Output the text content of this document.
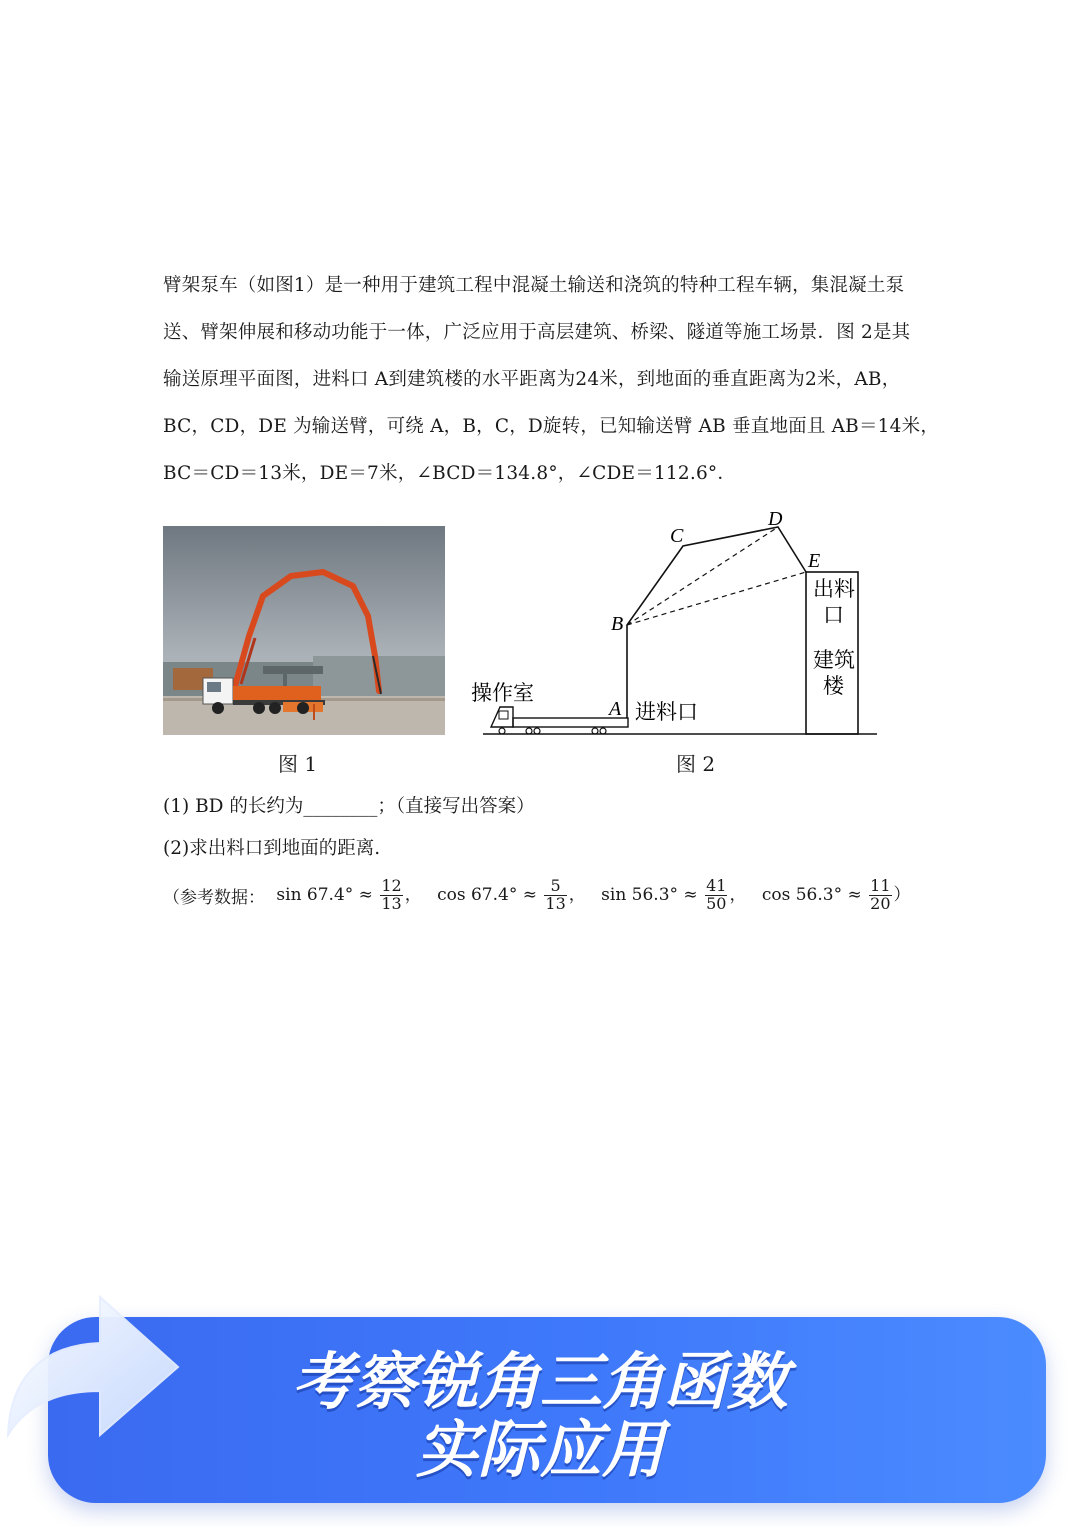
臂架泵车（如图1）是一种用于建筑工程中混凝土输送和浇筑的特种工程车辆，集混凝土泵

送、臂架伸展和移动功能于一体，广泛应用于高层建筑、桥梁、隧道等施工场景．图 2是其

输送原理平面图，进料口 A到建筑楼的水平距离为24米，到地面的垂直距离为2米，AB，

BC，CD，DE 为输送臂，可绕 A，B，C，D旋转，已知输送臂 AB 垂直地面且 AB＝14米，

BC＝CD＝13米，DE＝7米，∠BCD＝134.8°，∠CDE＝112.6°．

图 1
A
B
C
D
E
操作室
进料口
出料
口
建筑
楼
图 2
(1) BD 的长约为________；（直接写出答案）
(2)求出料口到地面的距离.
（参考数据： $\sin 67.4^\circ \approx \frac{12}{13}$ ， $\cos 67.4^\circ \approx \frac{5}{13}$ ， $\sin 56.3^\circ \approx \frac{41}{50}$ ， $\cos 56.3^\circ \approx \frac{11}{20}$ ）
考察锐角三角函数
实际应用
